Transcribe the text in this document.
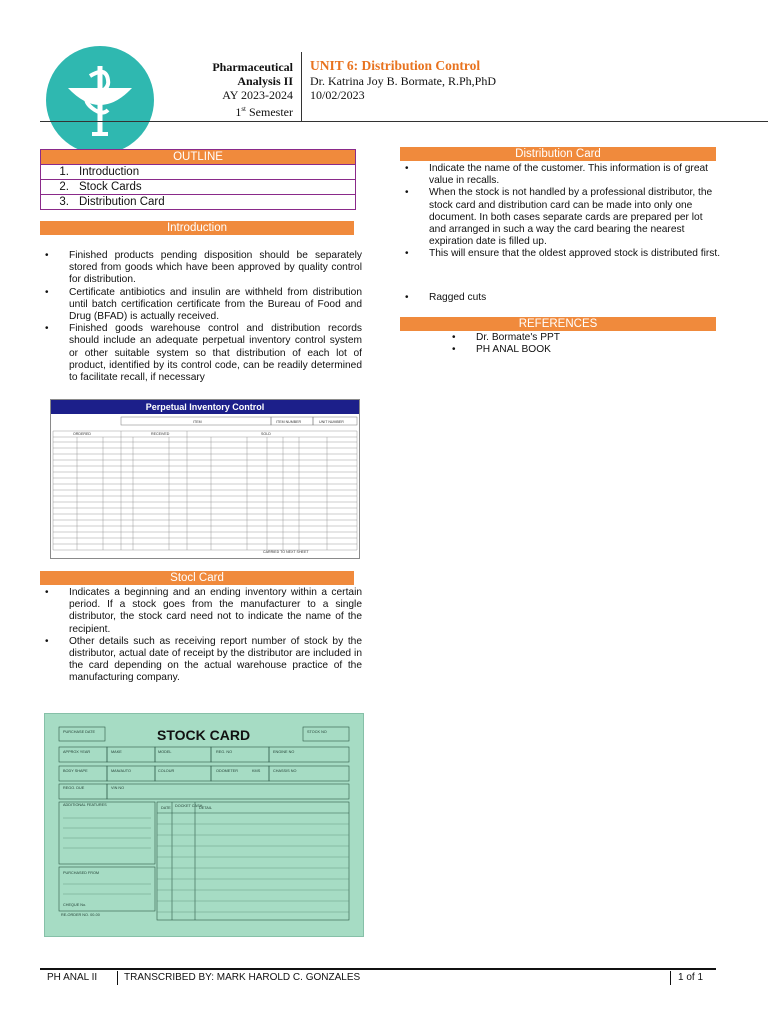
Pharmaceutical
Analysis II
AY 2023-2024
1st Semester
UNIT 6: Distribution Control
Dr. Katrina Joy B. Bormate, R.Ph,PhD
10/02/2023
OUTLINE
1. Introduction
2. Stock Cards
3. Distribution Card
Introduction
• Finished products pending disposition should be separately stored from goods which have been approved by quality control for distribution.
• Certificate antibiotics and insulin are withheld from distribution until batch certification certificate from the Bureau of Food and Drug (BFAD) is actually received.
• Finished goods warehouse control and distribution records should include an adequate perpetual inventory control system or other suitable system so that distribution of each lot of product, identified by its control code, can be readily determined to facilitate recall, if necessary
Perpetual Inventory Control
ITEM	ITEM NUMBER	UNIT NUMBER
ORDERED	RECEIVED	SOLD
CARRIED TO NEXT SHEET
Stocl Card
• Indicates a beginning and an ending inventory within a certain period. If a stock goes from the manufacturer to a single distributor, the stock card need not to indicate the name of the recipient.
• Other details such as receiving report number of stock by the distributor, actual date of receipt by the distributor are included in the card depending on the actual warehouse practice of the manufacturing company.
STOCK CARD
PURCHASE DATE	STOCK NO
APPROX YEAR	MAKE	MODEL	REG. NO	ENGINE NO
BODY SHAPE	MAN/AUTO	COLOUR	ODOMETER	KMS	CHASSIS NO
REGO. DUE	VIN NO
ADDITIONAL FEATURES
DATE DOCKET CASH
DETAIL
PURCHASED FROM
CHEQUE No.
RE-ORDER NO. 00-00
Distribution Card
• Indicate the name of the customer. This information is of great value in recalls.
• When the stock is not handled by a professional distributor, the stock card and distribution card can be made into only one document. In both cases separate cards are prepared per lot and arranged in such a way the card bearing the nearest expiration date is filled up.
• This will ensure that the oldest approved stock is distributed first.
• Ragged cuts
REFERENCES
• Dr. Bormate's PPT
• PH ANAL BOOK
PH ANAL II	TRANSCRIBED BY: MARK HAROLD C. GONZALES	1 of 1
